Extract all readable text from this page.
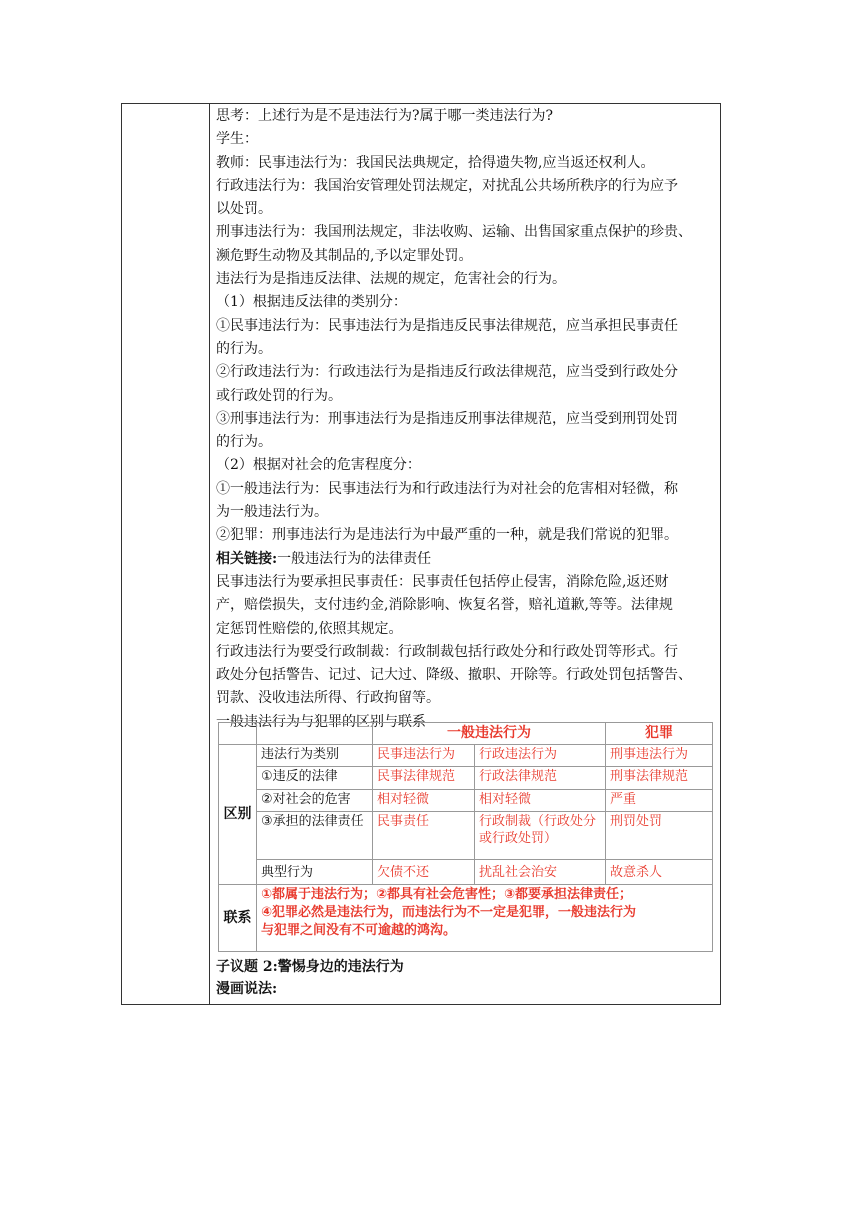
思考：上述行为是不是违法行为?属于哪一类违法行为?
学生：
教师：民事违法行为：我国民法典规定，拾得遗失物,应当返还权利人。
行政违法行为：我国治安管理处罚法规定，对扰乱公共场所秩序的行为应予
以处罚。
刑事违法行为：我国刑法规定，非法收购、运输、出售国家重点保护的珍贵、
濒危野生动物及其制品的,予以定罪处罚。
违法行为是指违反法律、法规的规定，危害社会的行为。
（1）根据违反法律的类别分：
①民事违法行为：民事违法行为是指违反民事法律规范，应当承担民事责任
的行为。
②行政违法行为：行政违法行为是指违反行政法律规范，应当受到行政处分
或行政处罚的行为。
③刑事违法行为：刑事违法行为是指违反刑事法律规范，应当受到刑罚处罚
的行为。
（2）根据对社会的危害程度分：
①一般违法行为：民事违法行为和行政违法行为对社会的危害相对轻微，称
为一般违法行为。
②犯罪：刑事违法行为是违法行为中最严重的一种，就是我们常说的犯罪。
相关链接:一般违法行为的法律责任
民事违法行为要承担民事责任：民事责任包括停止侵害，消除危险,返还财
产，赔偿损失，支付违约金,消除影响、恢复名誉，赔礼道歉,等等。法律规
定惩罚性赔偿的,依照其规定。
行政违法行为要受行政制裁：行政制裁包括行政处分和行政处罚等形式。行
政处分包括警告、记过、记大过、降级、撤职、开除等。行政处罚包括警告、
罚款、没收违法所得、行政拘留等。
一般违法行为与犯罪的区别与联系
		一般违法行为		犯罪
区别	违法行为类别	民事违法行为	行政违法行为	刑事违法行为
	①违反的法律	民事法律规范	行政法律规范	刑事法律规范
	②对社会的危害	相对轻微	相对轻微	严重
	③承担的法律责任	民事责任	行政制裁（行政处分或行政处罚）	刑罚处罚
	典型行为	欠债不还	扰乱社会治安	故意杀人
联系	①都属于违法行为；②都具有社会危害性；③都要承担法律责任；
④犯罪必然是违法行为，而违法行为不一定是犯罪，一般违法行为
与犯罪之间没有不可逾越的鸿沟。			
子议题 2:警惕身边的违法行为
漫画说法:
